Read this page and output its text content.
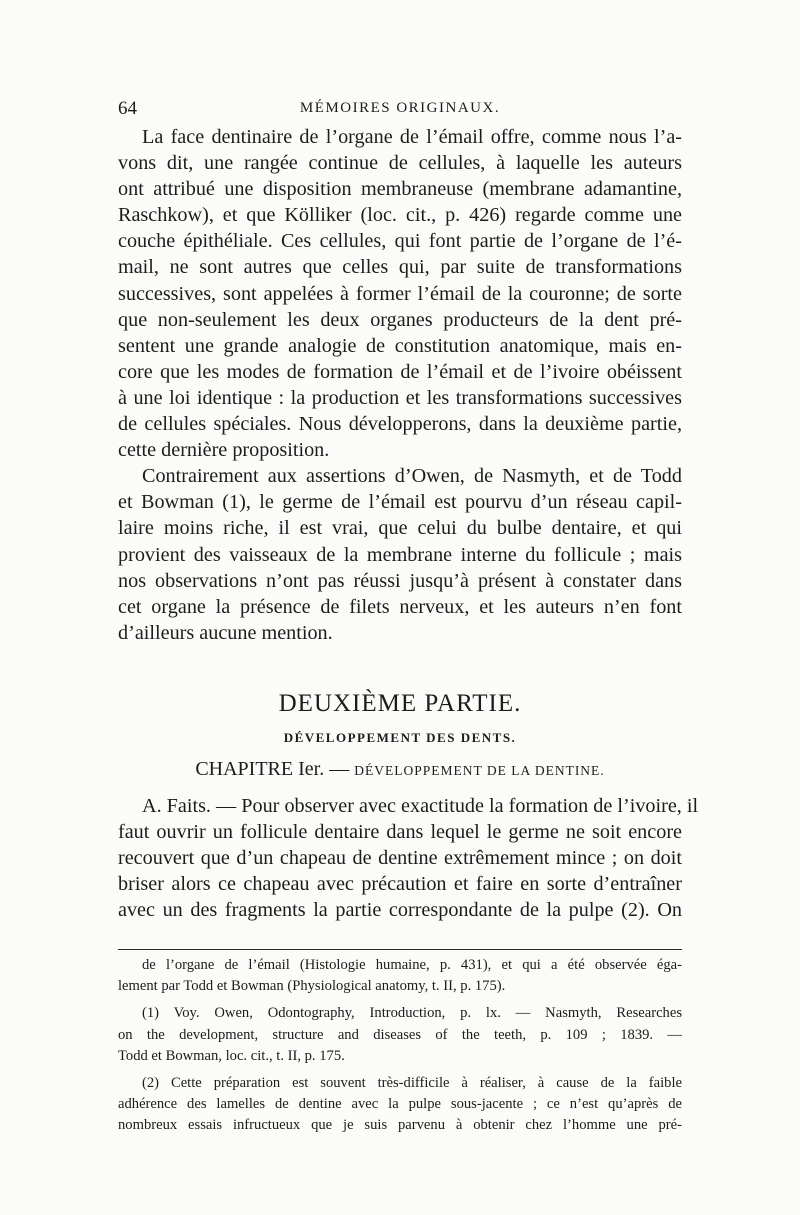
64	MÉMOIRES ORIGINAUX.
La face dentinaire de l’organe de l’émail offre, comme nous l’a-
vons dit, une rangée continue de cellules, à laquelle les auteurs
ont attribué une disposition membraneuse (membrane adamantine,
Raschkow), et que Kölliker (loc. cit., p. 426) regarde comme une
couche épithéliale. Ces cellules, qui font partie de l’organe de l’é-
mail, ne sont autres que celles qui, par suite de transformations
successives, sont appelées à former l’émail de la couronne; de sorte
que non-seulement les deux organes producteurs de la dent pré-
sentent une grande analogie de constitution anatomique, mais en-
core que les modes de formation de l’émail et de l’ivoire obéissent
à une loi identique : la production et les transformations successives
de cellules spéciales. Nous développerons, dans la deuxième partie,
cette dernière proposition.
Contrairement aux assertions d’Owen, de Nasmyth, et de Todd
et Bowman (1), le germe de l’émail est pourvu d’un réseau capil-
laire moins riche, il est vrai, que celui du bulbe dentaire, et qui
provient des vaisseaux de la membrane interne du follicule ; mais
nos observations n’ont pas réussi jusqu’à présent à constater dans
cet organe la présence de filets nerveux, et les auteurs n’en font
d’ailleurs aucune mention.
DEUXIÈME PARTIE.
DÉVELOPPEMENT DES DENTS.
CHAPITRE Ier. — DÉVELOPPEMENT DE LA DENTINE.
A. Faits. — Pour observer avec exactitude la formation de l’ivoire, il
faut ouvrir un follicule dentaire dans lequel le germe ne soit encore
recouvert que d’un chapeau de dentine extrêmement mince ; on doit
briser alors ce chapeau avec précaution et faire en sorte d’entraîner
avec un des fragments la partie correspondante de la pulpe (2). On
de l’organe de l’émail (Histologie humaine, p. 431), et qui a été observée éga-
lement par Todd et Bowman (Physiological anatomy, t. II, p. 175).
(1) Voy. Owen, Odontography, Introduction, p. lx. — Nasmyth, Researches
on the development, structure and diseases of the teeth, p. 109 ; 1839. —
Todd et Bowman, loc. cit., t. II, p. 175.
(2) Cette préparation est souvent très-difficile à réaliser, à cause de la faible
adhérence des lamelles de dentine avec la pulpe sous-jacente ; ce n’est qu’après de
nombreux essais infructueux que je suis parvenu à obtenir chez l’homme une pré-
